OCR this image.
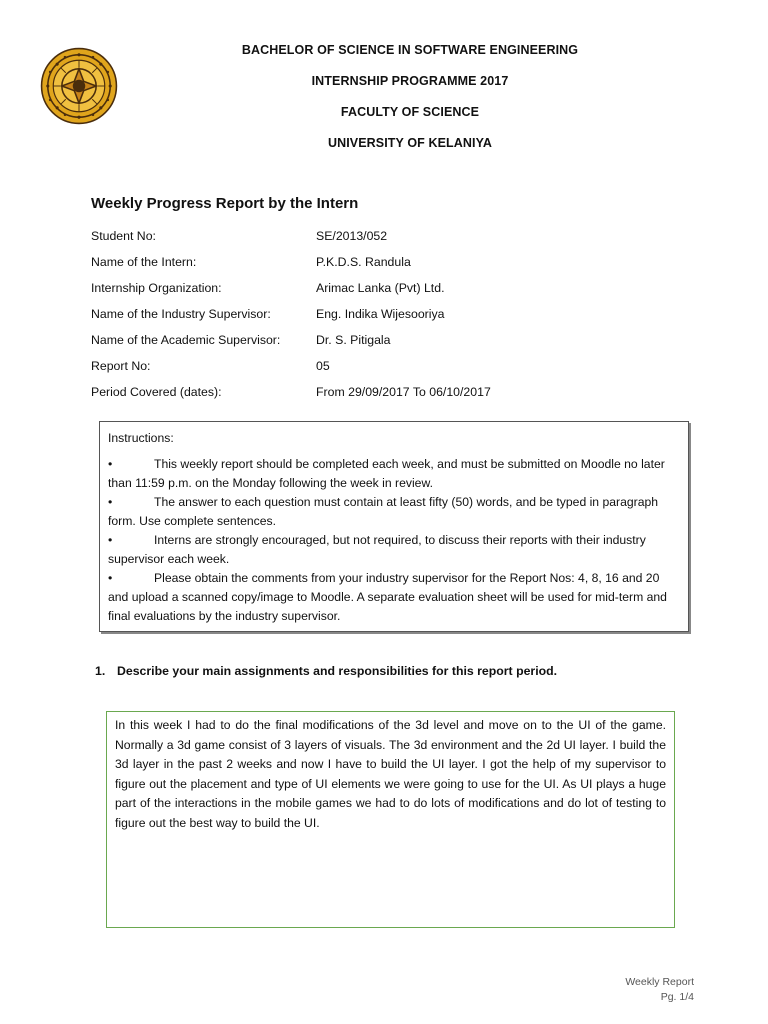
BACHELOR OF SCIENCE IN SOFTWARE ENGINEERING
INTERNSHIP PROGRAMME 2017
FACULTY OF SCIENCE
UNIVERSITY OF KELANIYA
Weekly Progress Report by the Intern
Student No:	SE/2013/052
Name of the Intern:	P.K.D.S. Randula
Internship Organization:	Arimac Lanka (Pvt) Ltd.
Name of the Industry Supervisor:	Eng. Indika Wijesooriya
Name of the Academic Supervisor:	Dr. S. Pitigala
Report No:	05
Period Covered (dates):	From 29/09/2017 To 06/10/2017
Instructions:
•	This weekly report should be completed each week, and must be submitted on Moodle no later than 11:59 p.m. on the Monday following the week in review.
•	The answer to each question must contain at least fifty (50) words, and be typed in paragraph form. Use complete sentences.
•	Interns are strongly encouraged, but not required, to discuss their reports with their industry supervisor each week.
•	Please obtain the comments from your industry supervisor for the Report Nos: 4, 8, 16 and 20 and upload a scanned copy/image to Moodle. A separate evaluation sheet will be used for mid-term and final evaluations by the industry supervisor.
1. Describe your main assignments and responsibilities for this report period.
In this week I had to do the final modifications of the 3d level and move on to the UI of the game. Normally a 3d game consist of 3 layers of visuals. The 3d environment and the 2d UI layer. I build the 3d layer in the past 2 weeks and now I have to build the UI layer. I got the help of my supervisor to figure out the placement and type of UI elements we were going to use for the UI. As UI plays a huge part of the interactions in the mobile games we had to do lots of modifications and do lot of testing to figure out the best way to build the UI.
Weekly Report
Pg. 1/4
